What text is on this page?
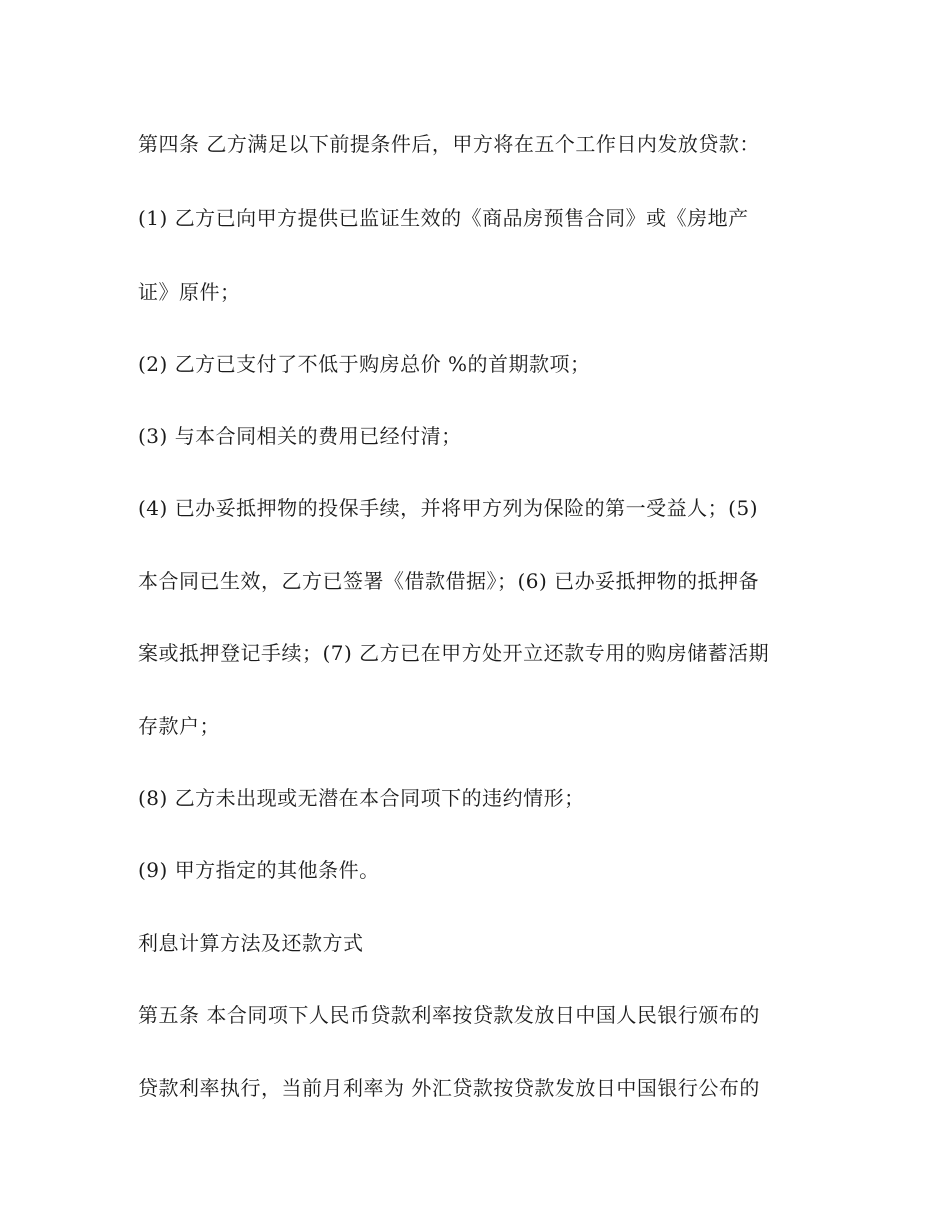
第四条 乙方满足以下前提条件后，甲方将在五个工作日内发放贷款：
(1) 乙方已向甲方提供已监证生效的《商品房预售合同》或《房地产
证》原件；
(2) 乙方已支付了不低于购房总价 %的首期款项；
(3) 与本合同相关的费用已经付清；
(4) 已办妥抵押物的投保手续，并将甲方列为保险的第一受益人；(5)
本合同已生效，乙方已签署《借款借据》；(6) 已办妥抵押物的抵押备
案或抵押登记手续；(7) 乙方已在甲方处开立还款专用的购房储蓄活期
存款户；
(8) 乙方未出现或无潜在本合同项下的违约情形；
(9) 甲方指定的其他条件。
利息计算方法及还款方式
第五条 本合同项下人民币贷款利率按贷款发放日中国人民银行颁布的
贷款利率执行，当前月利率为 外汇贷款按贷款发放日中国银行公布的
